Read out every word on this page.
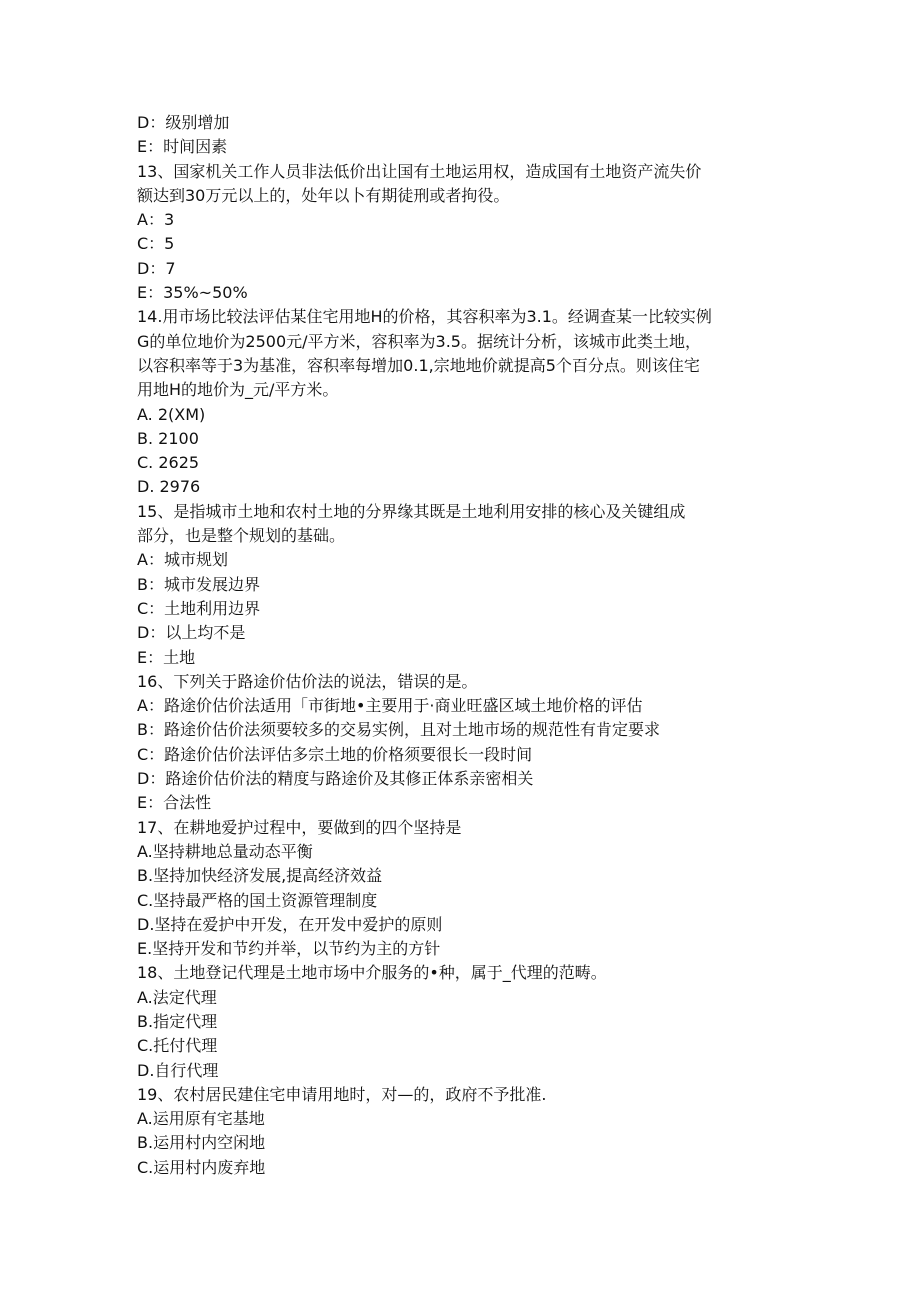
D：级别增加
E：时间因素
13、国家机关工作人员非法低价出让国有土地运用权，造成国有土地资产流失价
额达到30万元以上的，处年以卜有期徒刑或者拘役。
A：3
C：5
D：7
E：35%~50%
14.用市场比较法评估某住宅用地H的价格，其容积率为3.1。经调查某一比较实例
G的单位地价为2500元/平方米，容积率为3.5。据统计分析，该城市此类土地，
以容积率等于3为基准，容积率每增加0.1,宗地地价就提高5个百分点。则该住宅
用地H的地价为_元/平方米。
A. 2(XM)
B. 2100
C. 2625
D. 2976
15、是指城市土地和农村土地的分界缘其既是土地利用安排的核心及关键组成
部分，也是整个规划的基础。
A：城市规划
B：城市发展边界
C：土地利用边界
D：以上均不是
E：土地
16、下列关于路途价估价法的说法，错误的是。
A：路途价估价法适用「市街地•主要用于·商业旺盛区域土地价格的评估
B：路途价估价法须要较多的交易实例，且对土地市场的规范性有肯定要求
C：路途价估价法评估多宗土地的价格须要很长一段时间
D：路途价估价法的精度与路途价及其修正体系亲密相关
E：合法性
17、在耕地爱护过程中，要做到的四个坚持是
A.坚持耕地总量动态平衡
B.坚持加快经济发展,提高经济效益
C.坚持最严格的国土资源管理制度
D.坚持在爱护中开发，在开发中爱护的原则
E.坚持开发和节约并举，以节约为主的方针
18、土地登记代理是土地市场中介服务的•种，属于_代理的范畴。
A.法定代理
B.指定代理
C.托付代理
D.自行代理
19、农村居民建住宅申请用地时，对—的，政府不予批准.
A.运用原有宅基地
B.运用村内空闲地
C.运用村内废弃地
